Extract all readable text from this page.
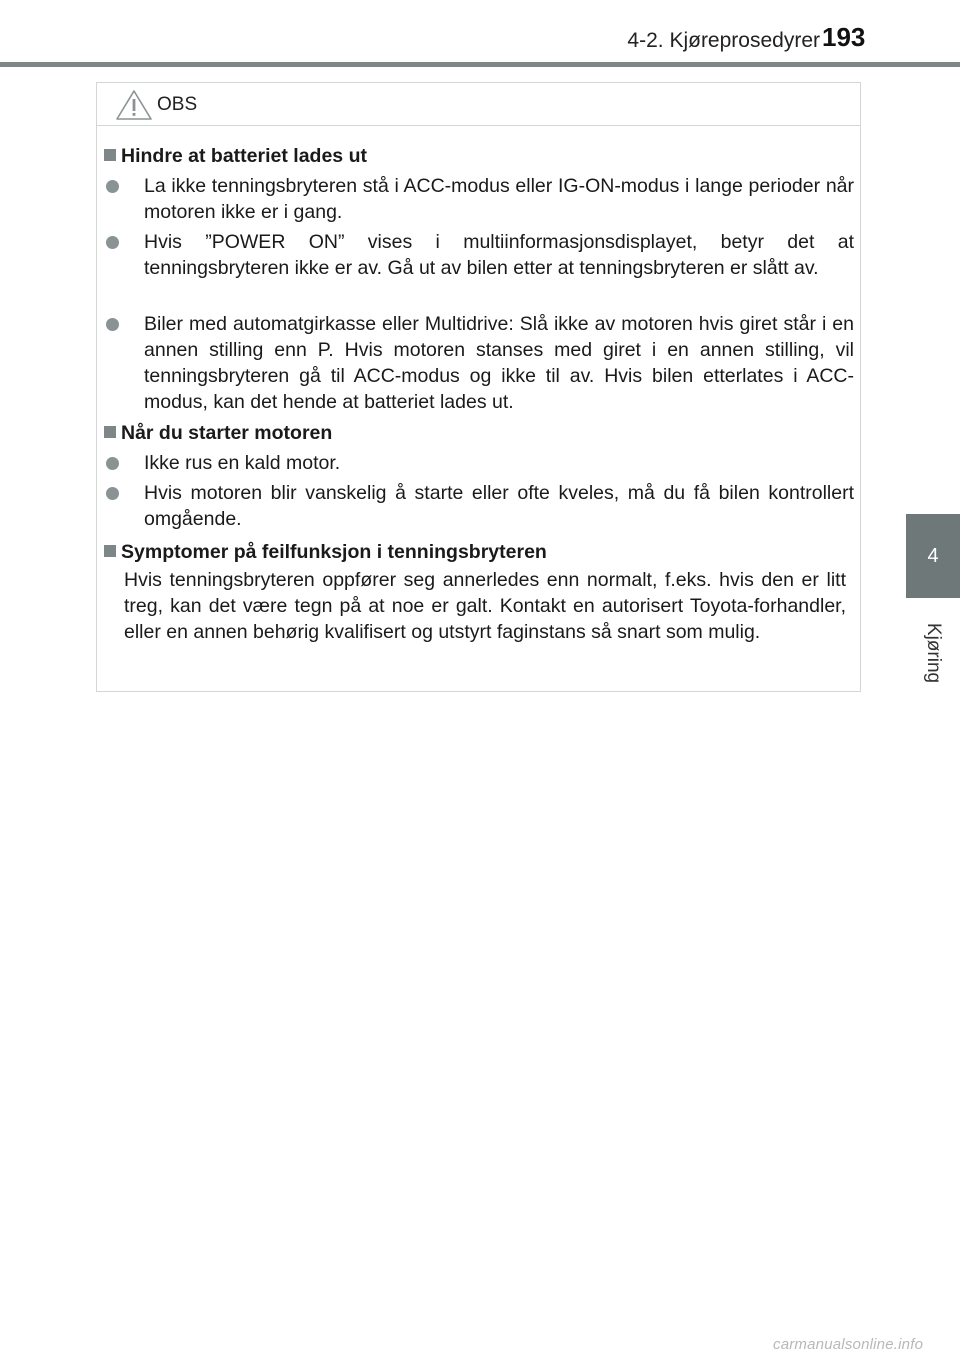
4-2. Kjøreprosedyrer 193
4
Kjøring
OBS
Hindre at batteriet lades ut
La ikke tenningsbryteren stå i ACC-modus eller IG-ON-modus i lange perioder når motoren ikke er i gang.
Hvis ”POWER ON” vises i multiinformasjonsdisplayet, betyr det at tenningsbryteren ikke er av. Gå ut av bilen etter at tenningsbryteren er slått av.
Biler med automatgirkasse eller Multidrive: Slå ikke av motoren hvis giret står i en annen stilling enn P. Hvis motoren stanses med giret i en annen stilling, vil tenningsbryteren gå til ACC-modus og ikke til av. Hvis bilen etterlates i ACC-modus, kan det hende at batteriet lades ut.
Når du starter motoren
Ikke rus en kald motor.
Hvis motoren blir vanskelig å starte eller ofte kveles, må du få bilen kontrollert omgående.
Symptomer på feilfunksjon i tenningsbryteren
Hvis tenningsbryteren oppfører seg annerledes enn normalt, f.eks. hvis den er litt treg, kan det være tegn på at noe er galt. Kontakt en autorisert Toyota-forhandler, eller en annen behørig kvalifisert og utstyrt faginstans så snart som mulig.
carmanualsonline.info
